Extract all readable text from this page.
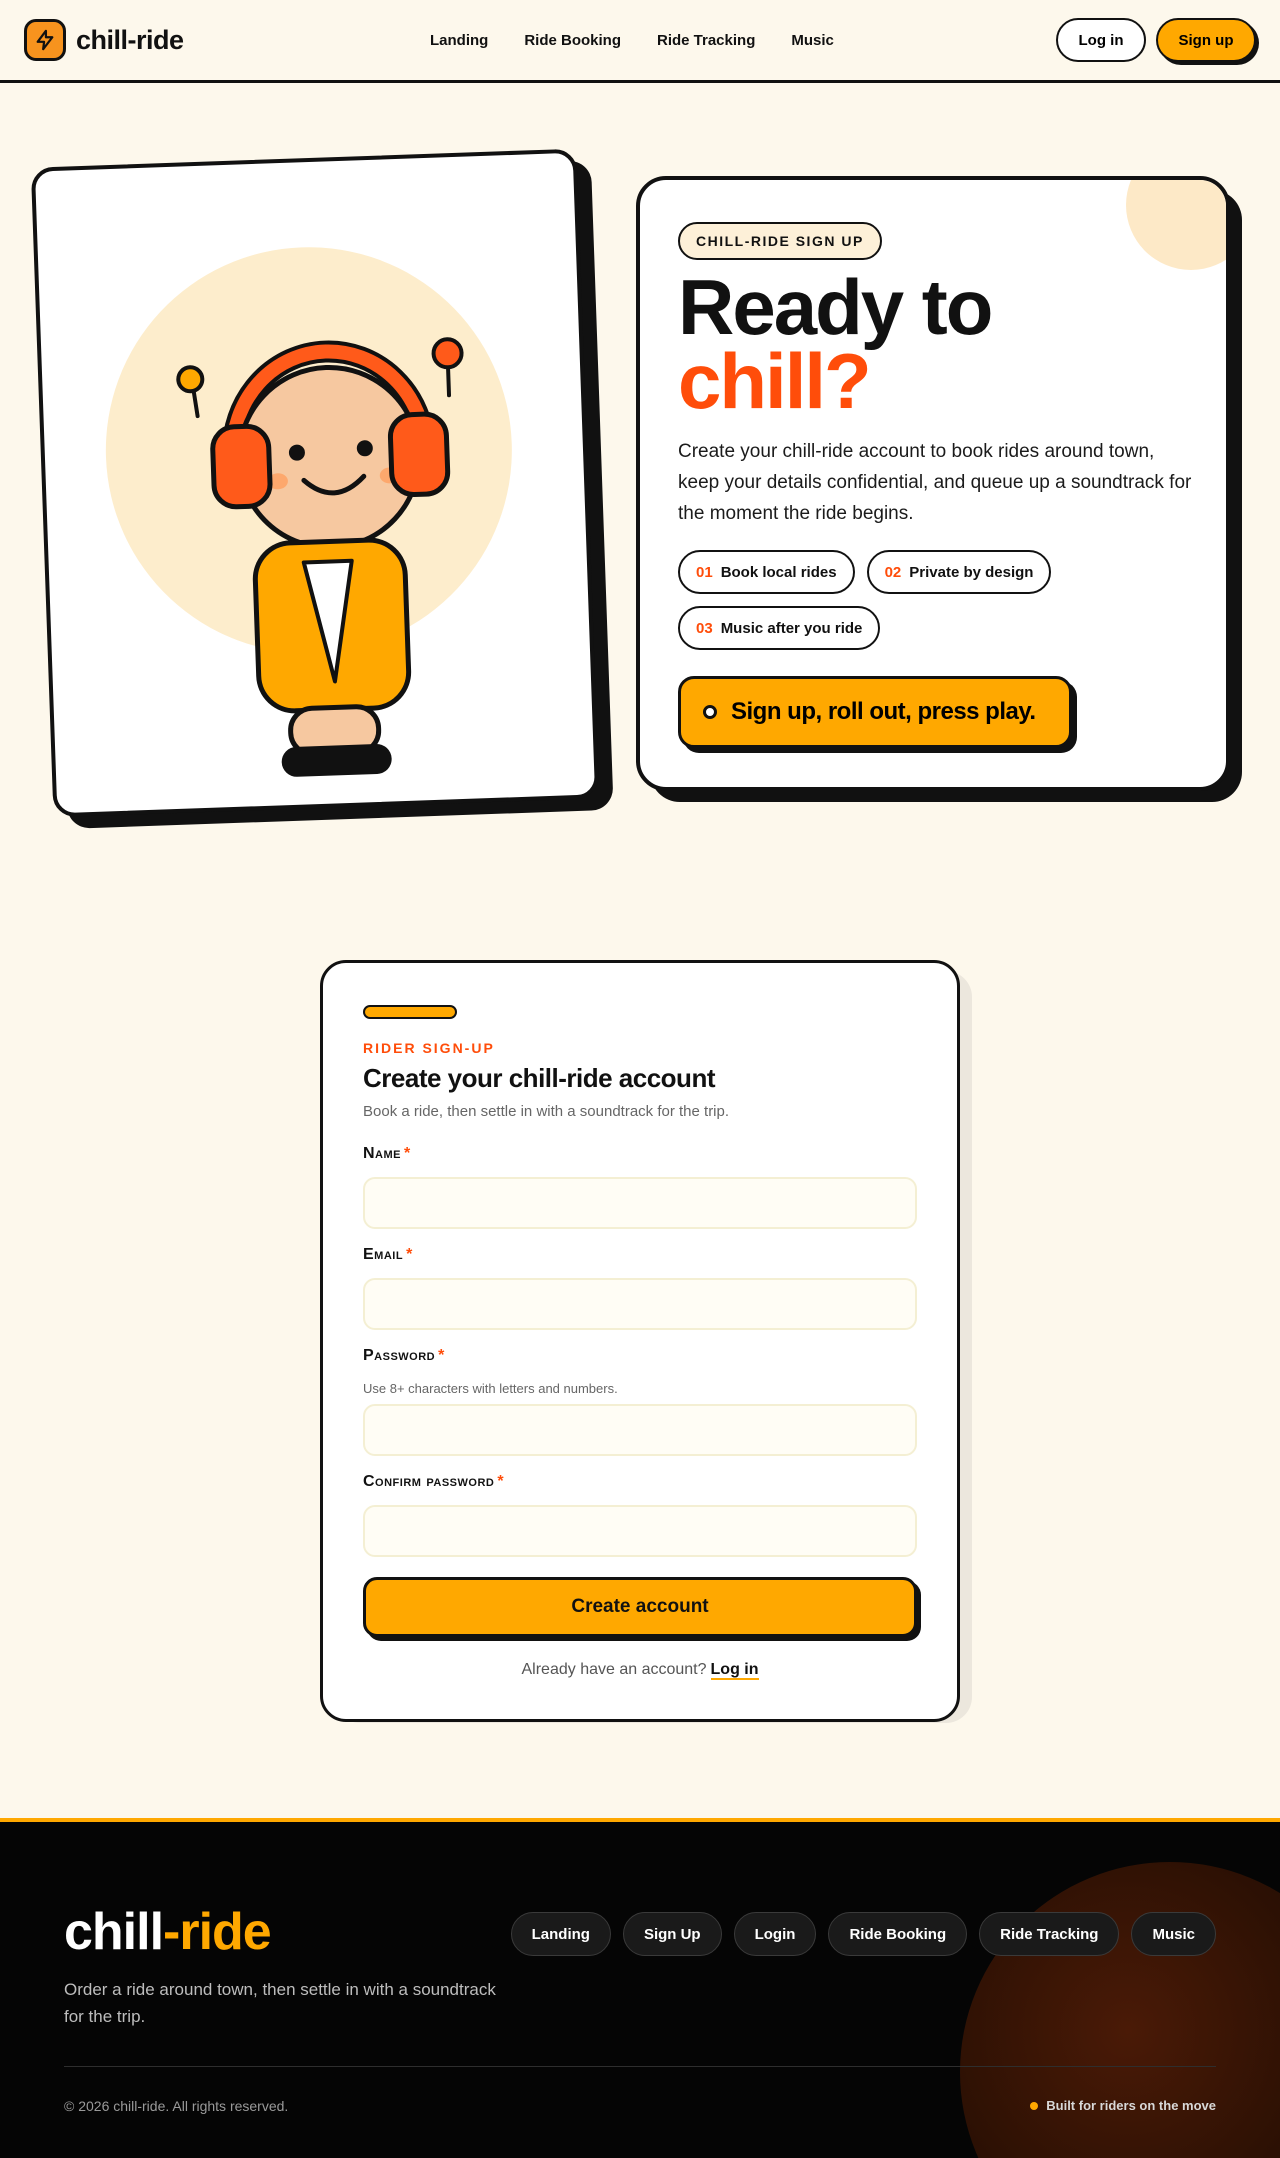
chill-ride	Landing Ride Booking Ride Tracking Music	Log in	Sign up
CHILL-RIDE SIGN UP
Ready to
chill?

Create your chill-ride account to book rides around town, keep your details confidential, and queue up a soundtrack for the moment the ride begins.

01 Book local rides	02 Private by design
03 Music after you ride
Sign up, roll out, press play.
RIDER SIGN-UP
Create your chill-ride account

Book a ride, then settle in with a soundtrack for the trip.

Name *
Email *
Password *
Use 8+ characters with letters and numbers.
Confirm password *
Create account
Already have an account? Log in
chill-ride

Order a ride around town, then settle in with a soundtrack for the trip.

Landing	Sign Up	Login	Ride Booking	Ride Tracking	Music
© 2026 chill-ride. All rights reserved.	Built for riders on the move
